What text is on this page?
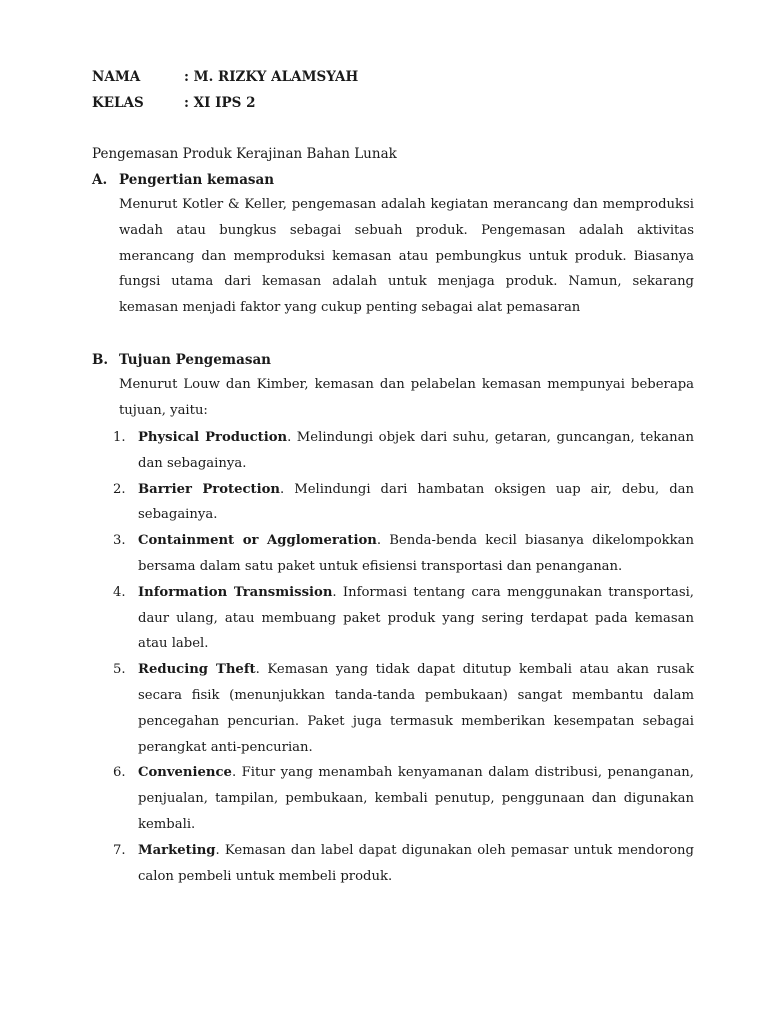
NAMA	: M. RIZKY ALAMSYAH
KELAS	: XI IPS 2
Pengemasan Produk Kerajinan Bahan Lunak
A. Pengertian kemasan

Menurut Kotler & Keller, pengemasan adalah kegiatan merancang dan memproduksi wadah atau bungkus sebagai sebuah produk. Pengemasan adalah aktivitas merancang dan memproduksi kemasan atau pembungkus untuk produk. Biasanya fungsi utama dari kemasan adalah untuk menjaga produk. Namun, sekarang kemasan menjadi faktor yang cukup penting sebagai alat pemasaran

B. Tujuan Pengemasan

Menurut Louw dan Kimber, kemasan dan pelabelan kemasan mempunyai beberapa tujuan, yaitu:

1. Physical Production. Melindungi objek dari suhu, getaran, guncangan, tekanan dan sebagainya.
2. Barrier Protection. Melindungi dari hambatan oksigen uap air, debu, dan sebagainya.
3. Containment or Agglomeration. Benda-benda kecil biasanya dikelompokkan bersama dalam satu paket untuk efisiensi transportasi dan penanganan.
4. Information Transmission. Informasi tentang cara menggunakan transportasi, daur ulang, atau membuang paket produk yang sering terdapat pada kemasan atau label.
5. Reducing Theft. Kemasan yang tidak dapat ditutup kembali atau akan rusak secara fisik (menunjukkan tanda-tanda pembukaan) sangat membantu dalam pencegahan pencurian. Paket juga termasuk memberikan kesempatan sebagai perangkat anti-pencurian.
6. Convenience. Fitur yang menambah kenyamanan dalam distribusi, penanganan, penjualan, tampilan, pembukaan, kembali penutup, penggunaan dan digunakan kembali.
7. Marketing. Kemasan dan label dapat digunakan oleh pemasar untuk mendorong calon pembeli untuk membeli produk.
